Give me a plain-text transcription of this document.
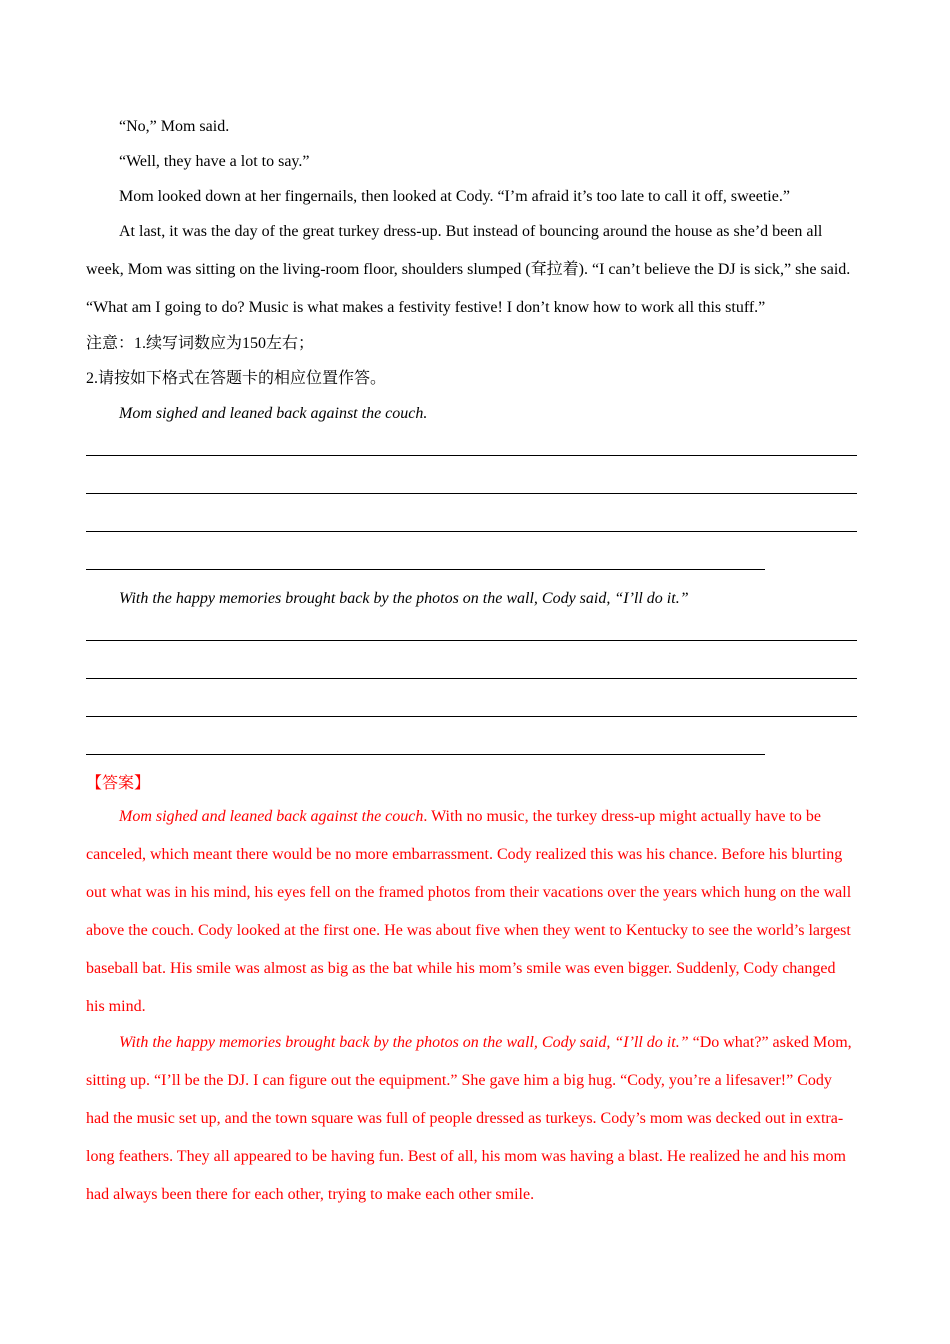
“No,” Mom said.

“Well, they have a lot to say.”

Mom looked down at her fingernails, then looked at Cody. “I’m afraid it’s too late to call it off, sweetie.”

At last, it was the day of the great turkey dress-up. But instead of bouncing around the house as she’d been all week, Mom was sitting on the living-room floor, shoulders slumped (耷拉着). “I can’t believe the DJ is sick,” she said. “What am I going to do? Music is what makes a festivity festive! I don’t know how to work all this stuff.”

注意：1.续写词数应为150左右；

2.请按如下格式在答题卡的相应位置作答。

Mom sighed and leaned back against the couch.

With the happy memories brought back by the photos on the wall, Cody said, “I’ll do it.”

【答案】

Mom sighed and leaned back against the couch. With no music, the turkey dress-up might actually have to be canceled, which meant there would be no more embarrassment. Cody realized this was his chance. Before his blurting out what was in his mind, his eyes fell on the framed photos from their vacations over the years which hung on the wall above the couch. Cody looked at the first one. He was about five when they went to Kentucky to see the world’s largest baseball bat. His smile was almost as big as the bat while his mom’s smile was even bigger. Suddenly, Cody changed his mind.

With the happy memories brought back by the photos on the wall, Cody said, “I’ll do it.” “Do what?” asked Mom, sitting up. “I’ll be the DJ. I can figure out the equipment.” She gave him a big hug. “Cody, you’re a lifesaver!” Cody had the music set up, and the town square was full of people dressed as turkeys. Cody’s mom was decked out in extra-long feathers. They all appeared to be having fun. Best of all, his mom was having a blast. He realized he and his mom had always been there for each other, trying to make each other smile.
